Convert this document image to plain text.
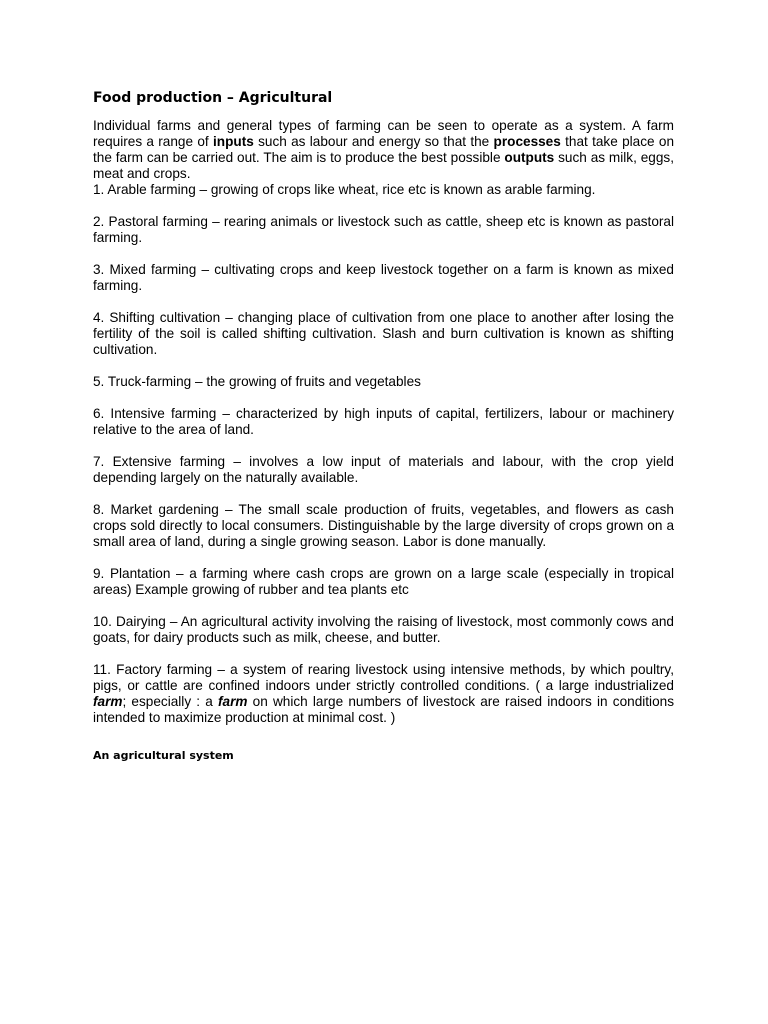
Food production – Agricultural

Individual farms and general types of farming can be seen to operate as a system. A farm requires a range of inputs such as labour and energy so that the processes that take place on the farm can be carried out. The aim is to produce the best possible outputs such as milk, eggs, meat and crops.

1. Arable farming – growing of crops like wheat, rice etc is known as arable farming.

2. Pastoral farming – rearing animals or livestock such as cattle, sheep etc is known as pastoral farming.

3. Mixed farming – cultivating crops and keep livestock together on a farm is known as mixed farming.

4. Shifting cultivation – changing place of cultivation from one place to another after losing the fertility of the soil is called shifting cultivation. Slash and burn cultivation is known as shifting cultivation.

5. Truck-farming – the growing of fruits and vegetables

6. Intensive farming – characterized by high inputs of capital, fertilizers, labour or machinery relative to the area of land.

7. Extensive farming – involves a low input of materials and labour, with the crop yield depending largely on the naturally available.

8. Market gardening – The small scale production of fruits, vegetables, and flowers as cash crops sold directly to local consumers. Distinguishable by the large diversity of crops grown on a small area of land, during a single growing season. Labor is done manually.

9. Plantation – a farming where cash crops are grown on a large scale (especially in tropical areas) Example growing of rubber and tea plants etc

10. Dairying – An agricultural activity involving the raising of livestock, most commonly cows and goats, for dairy products such as milk, cheese, and butter.

11. Factory farming – a system of rearing livestock using intensive methods, by which poultry, pigs, or cattle are confined indoors under strictly controlled conditions. ( a large industrialized farm; especially : a farm on which large numbers of livestock are raised indoors in conditions intended to maximize production at minimal cost. )

An agricultural system
